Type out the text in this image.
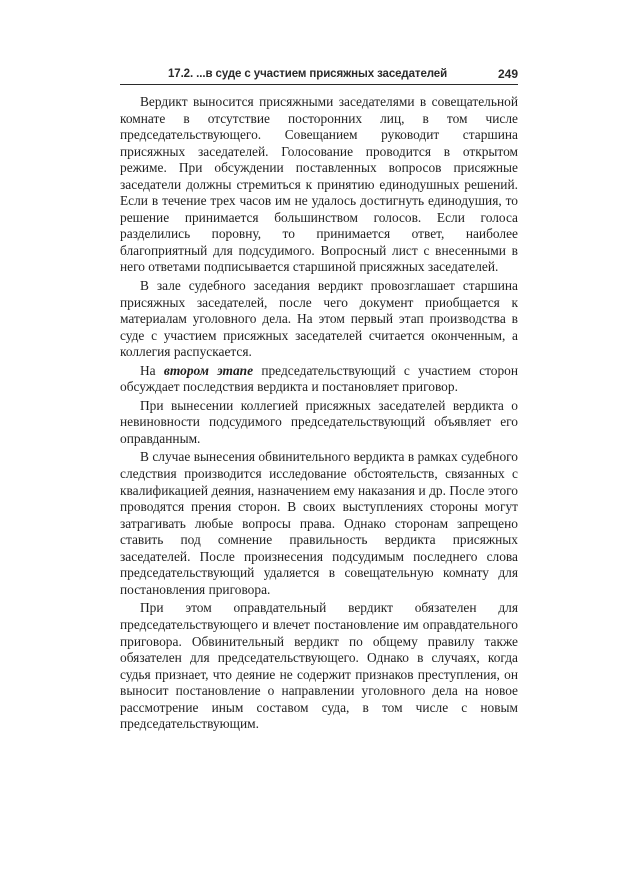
17.2. ...в суде с участием присяжных заседателей	249

Вердикт выносится присяжными заседателями в совещательной комнате в отсутствие посторонних лиц, в том числе председательствующего. Совещанием руководит старшина присяжных заседателей. Голосование проводится в открытом режиме. При обсуждении поставленных вопросов присяжные заседатели должны стремиться к принятию единодушных решений. Если в течение трех часов им не удалось достигнуть единодушия, то решение принимается большинством голосов. Если голоса разделились поровну, то принимается ответ, наиболее благоприятный для подсудимого. Вопросный лист с внесенными в него ответами подписывается старшиной присяжных заседателей.

В зале судебного заседания вердикт провозглашает старшина присяжных заседателей, после чего документ приобщается к материалам уголовного дела. На этом первый этап производства в суде с участием присяжных заседателей считается оконченным, а коллегия распускается.

На втором этапе председательствующий с участием сторон обсуждает последствия вердикта и постановляет приговор.

При вынесении коллегией присяжных заседателей вердикта о невиновности подсудимого председательствующий объявляет его оправданным.

В случае вынесения обвинительного вердикта в рамках судебного следствия производится исследование обстоятельств, связанных с квалификацией деяния, назначением ему наказания и др. После этого проводятся прения сторон. В своих выступлениях стороны могут затрагивать любые вопросы права. Однако сторонам запрещено ставить под сомнение правильность вердикта присяжных заседателей. После произнесения подсудимым последнего слова председательствующий удаляется в совещательную комнату для постановления приговора.

При этом оправдательный вердикт обязателен для председательствующего и влечет постановление им оправдательного приговора. Обвинительный вердикт по общему правилу также обязателен для председательствующего. Однако в случаях, когда судья признает, что деяние не содержит признаков преступления, он выносит постановление о направлении уголовного дела на новое рассмотрение иным составом суда, в том числе с новым председательствующим.
